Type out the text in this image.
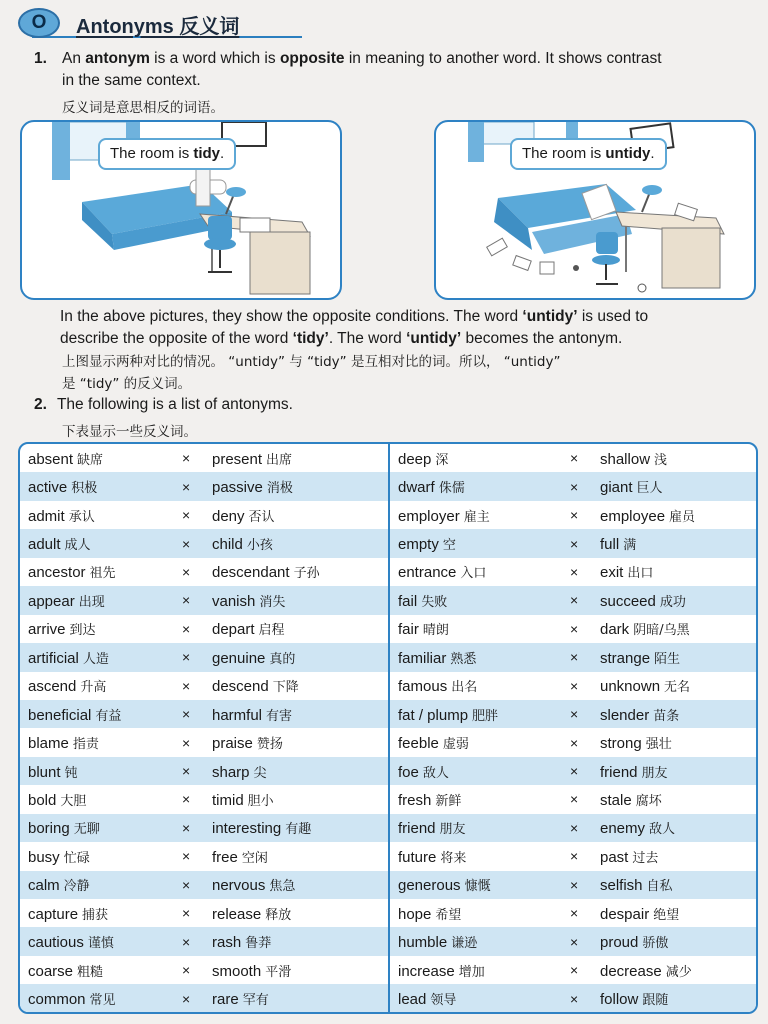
O Antonyms 反义词
1. An antonym is a word which is opposite in meaning to another word. It shows contrast
in the same context.
反义词是意思相反的词语。
The room is tidy.	The room is untidy.
In the above pictures, they show the opposite conditions. The word ‘untidy’ is used to
describe the opposite of the word ‘tidy’. The word ‘untidy’ becomes the antonym.
上图显示两种对比的情况。 “untidy” 与 “tidy” 是互相对比的词。所以， “untidy”
是 “tidy” 的反义词。
2. The following is a list of antonyms.
下表显示一些反义词。
absent 缺席	× present 出席
active 积极	× passive 消极
admit 承认	× deny 否认
adult 成人	× child 小孩
ancestor 祖先	× descendant 子孙
appear 出现	× vanish 消失
arrive 到达	× depart 启程
artificial 人造	× genuine 真的
ascend 升高	× descend 下降
beneficial 有益	× harmful 有害
blame 指责	× praise 赞扬
blunt 钝	× sharp 尖
bold 大胆	× timid 胆小
boring 无聊	× interesting 有趣
busy 忙碌	× free 空闲
calm 冷静	× nervous 焦急
capture 捕获	× release 释放
cautious 谨慎	× rash 鲁莽
coarse 粗糙	× smooth 平滑
common 常见	× rare 罕有
deep 深	× shallow 浅
dwarf 侏儒	× giant 巨人
employer 雇主	× employee 雇员
empty 空	× full 满
entrance 入口	× exit 出口
fail 失败	× succeed 成功
fair 晴朗	× dark 阴暗/乌黑
familiar 熟悉	× strange 陌生
famous 出名	× unknown 无名
fat / plump 肥胖	× slender 苗条
feeble 虚弱	× strong 强壮
foe 敌人	× friend 朋友
fresh 新鲜	× stale 腐坏
friend 朋友	× enemy 敌人
future 将来	× past 过去
generous 慷慨	× selfish 自私
hope 希望	× despair 绝望
humble 谦逊	× proud 骄傲
increase 增加	× decrease 减少
lead 领导	× follow 跟随
